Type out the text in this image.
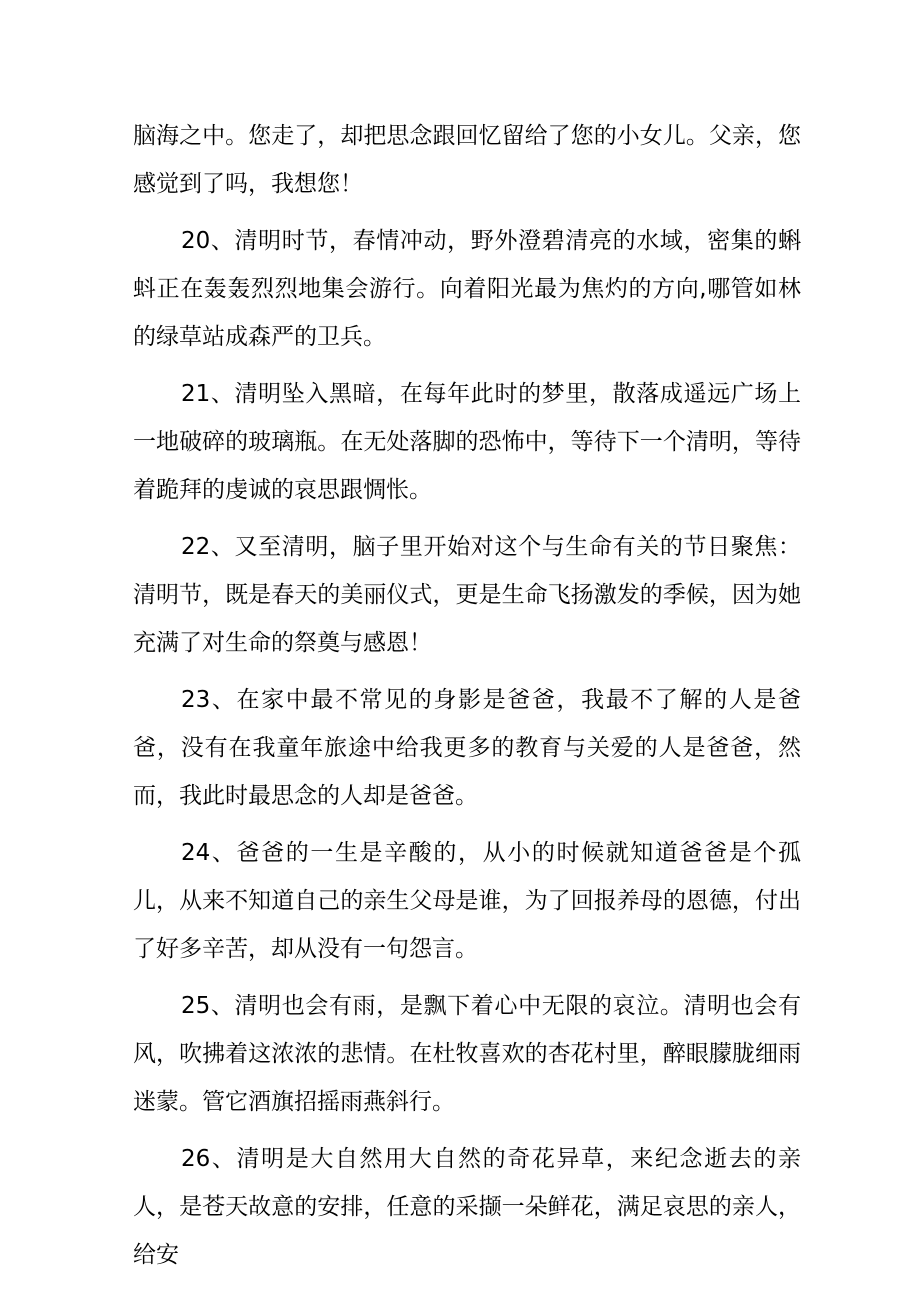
脑海之中。您走了，却把思念跟回忆留给了您的小女儿。父亲，您感觉到了吗，我想您！

20、清明时节，春情冲动，野外澄碧清亮的水域，密集的蝌蚪正在轰轰烈烈地集会游行。向着阳光最为焦灼的方向,哪管如林的绿草站成森严的卫兵。

21、清明坠入黑暗，在每年此时的梦里，散落成遥远广场上一地破碎的玻璃瓶。在无处落脚的恐怖中，等待下一个清明，等待着跪拜的虔诚的哀思跟惆怅。

22、又至清明，脑子里开始对这个与生命有关的节日聚焦：清明节，既是春天的美丽仪式，更是生命飞扬激发的季候，因为她充满了对生命的祭奠与感恩！

23、在家中最不常见的身影是爸爸，我最不了解的人是爸爸，没有在我童年旅途中给我更多的教育与关爱的人是爸爸，然而，我此时最思念的人却是爸爸。

24、爸爸的一生是辛酸的，从小的时候就知道爸爸是个孤儿，从来不知道自己的亲生父母是谁，为了回报养母的恩德，付出了好多辛苦，却从没有一句怨言。

25、清明也会有雨，是飘下着心中无限的哀泣。清明也会有风，吹拂着这浓浓的悲情。在杜牧喜欢的杏花村里，醉眼朦胧细雨迷蒙。管它酒旗招摇雨燕斜行。

26、清明是大自然用大自然的奇花异草，来纪念逝去的亲人，是苍天故意的安排，任意的采撷一朵鲜花，满足哀思的亲人，给安
